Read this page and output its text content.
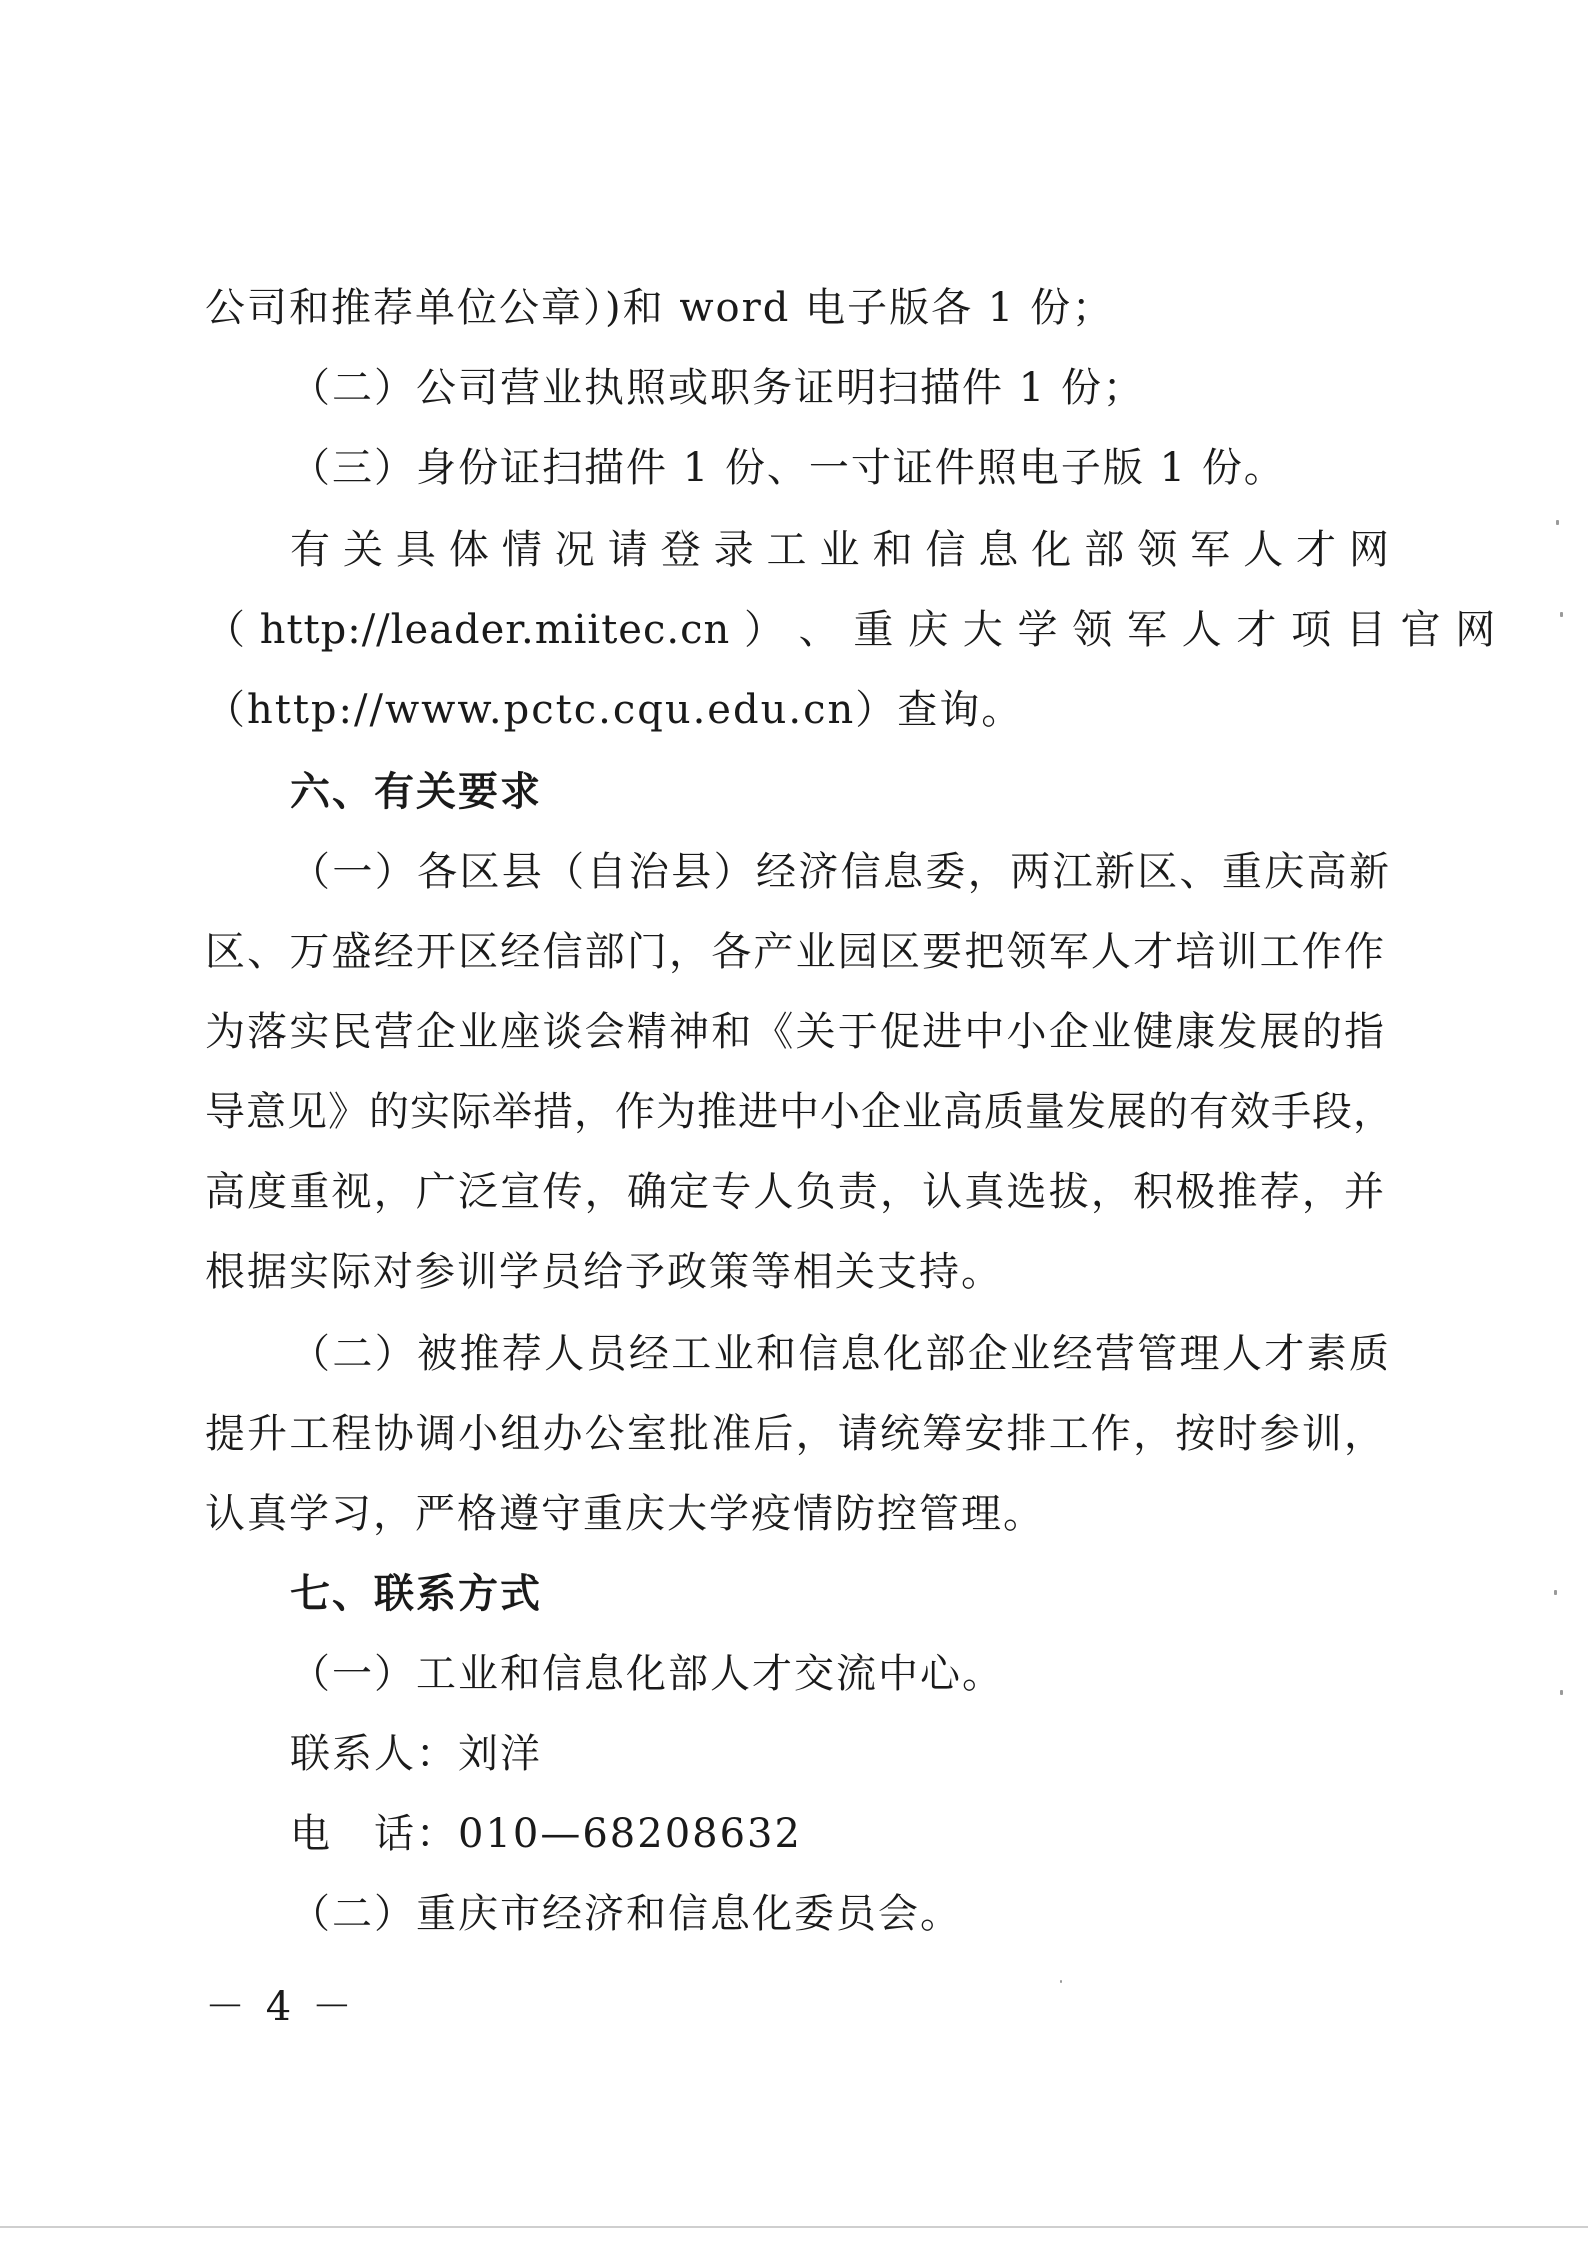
公司和推荐单位公章）)和 word 电子版各 1 份；
（二）公司营业执照或职务证明扫描件 1 份；
（三）身份证扫描件 1 份、一寸证件照电子版 1 份。
有关具体情况请登录工业和信息化部领军人才网
（ http://leader.miitec.cn ） 、 重 庆 大 学 领 军 人 才 项 目 官 网
（http://www.pctc.cqu.edu.cn）查询。
六、有关要求
（一）各区县（自治县）经济信息委，两江新区、重庆高新
区、万盛经开区经信部门，各产业园区要把领军人才培训工作作
为落实民营企业座谈会精神和《关于促进中小企业健康发展的指
导意见》的实际举措，作为推进中小企业高质量发展的有效手段，
高度重视，广泛宣传，确定专人负责，认真选拔，积极推荐，并
根据实际对参训学员给予政策等相关支持。
（二）被推荐人员经工业和信息化部企业经营管理人才素质
提升工程协调小组办公室批准后，请统筹安排工作，按时参训，
认真学习，严格遵守重庆大学疫情防控管理。
七、联系方式
（一）工业和信息化部人才交流中心。
联系人：刘洋
电　话：010—68208632
（二）重庆市经济和信息化委员会。
－ 4 －
